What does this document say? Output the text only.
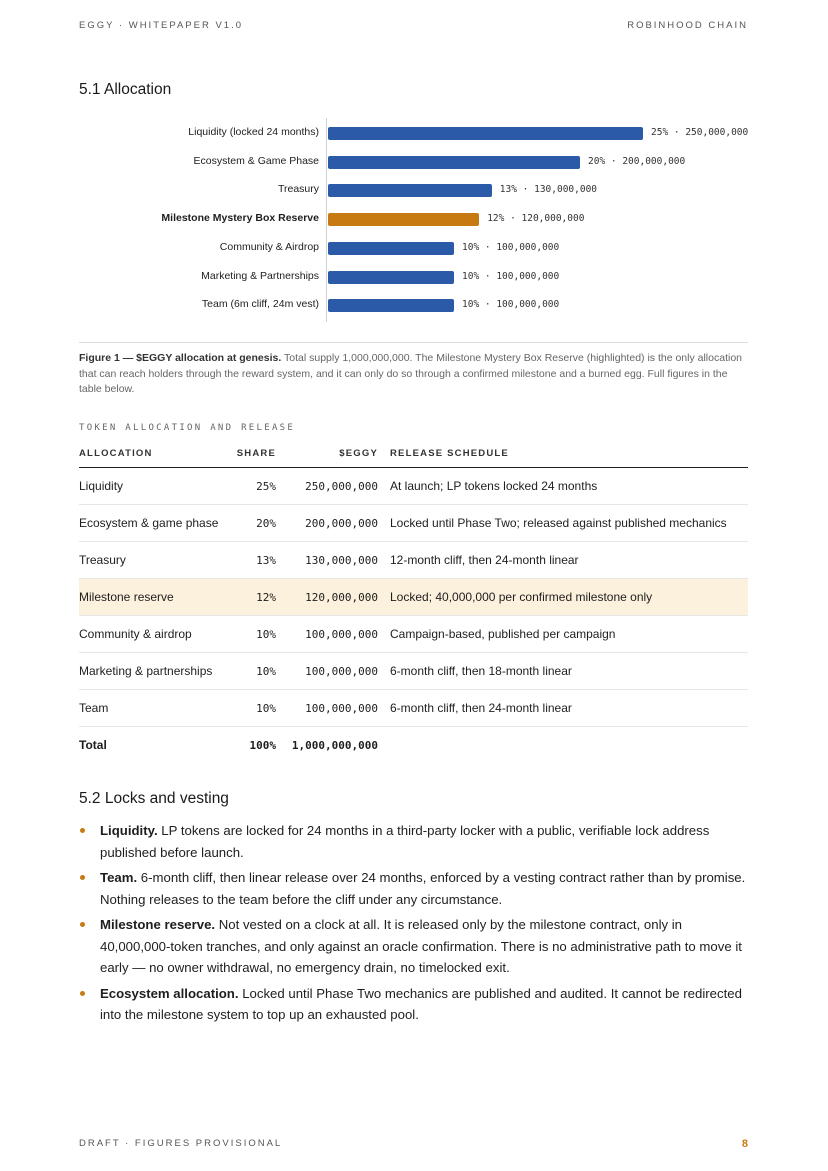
EGGY · WHITEPAPER V1.0	ROBINHOOD CHAIN
5.1 Allocation
Liquidity (locked 24 months)	25% · 250,000,000
Ecosystem & Game Phase	20% · 200,000,000
Treasury	13% · 130,000,000
Milestone Mystery Box Reserve	12% · 120,000,000
Community & Airdrop	10% · 100,000,000
Marketing & Partnerships	10% · 100,000,000
Team (6m cliff, 24m vest)	10% · 100,000,000
Figure 1 — $EGGY allocation at genesis. Total supply 1,000,000,000. The Milestone Mystery Box Reserve (highlighted) is the only allocation that can reach holders through the reward system, and it can only do so through a confirmed milestone and a burned egg. Full figures in the table below.
TOKEN ALLOCATION AND RELEASE
ALLOCATION	SHARE	$EGGY	RELEASE SCHEDULE
Liquidity	25%	250,000,000	At launch; LP tokens locked 24 months
Ecosystem & game phase	20%	200,000,000	Locked until Phase Two; released against published mechanics
Treasury	13%	130,000,000	12-month cliff, then 24-month linear
Milestone reserve	12%	120,000,000	Locked; 40,000,000 per confirmed milestone only
Community & airdrop	10%	100,000,000	Campaign-based, published per campaign
Marketing & partnerships	10%	100,000,000	6-month cliff, then 18-month linear
Team	10%	100,000,000	6-month cliff, then 24-month linear
Total	100%	1,000,000,000	
5.2 Locks and vesting
Liquidity. LP tokens are locked for 24 months in a third-party locker with a public, verifiable lock address published before launch.
Team. 6-month cliff, then linear release over 24 months, enforced by a vesting contract rather than by promise. Nothing releases to the team before the cliff under any circumstance.
Milestone reserve. Not vested on a clock at all. It is released only by the milestone contract, only in 40,000,000-token tranches, and only against an oracle confirmation. There is no administrative path to move it early — no owner withdrawal, no emergency drain, no timelocked exit.
Ecosystem allocation. Locked until Phase Two mechanics are published and audited. It cannot be redirected into the milestone system to top up an exhausted pool.
DRAFT · FIGURES PROVISIONAL	8
